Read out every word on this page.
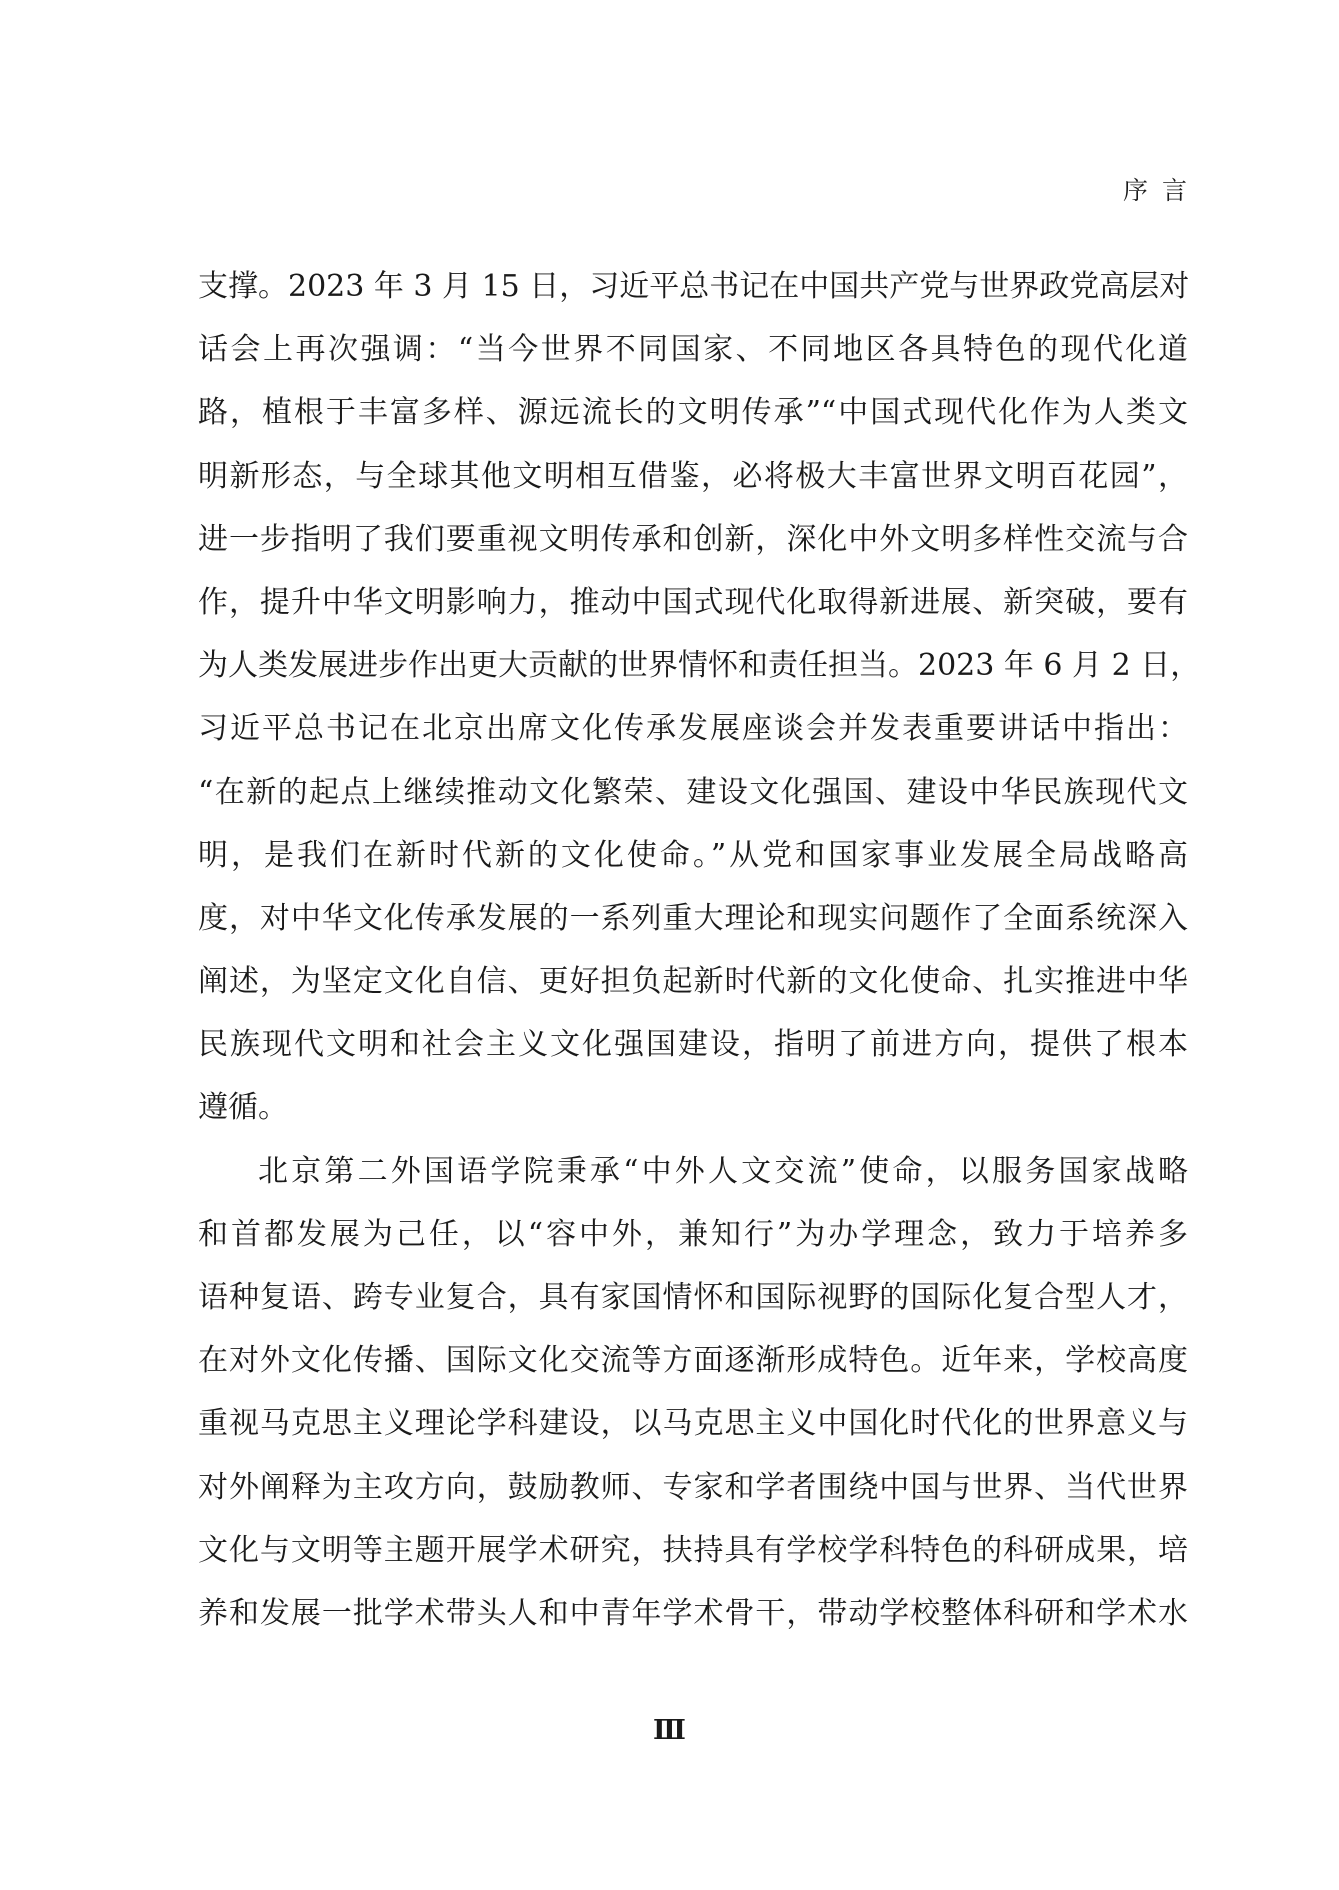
序言
支撑。2023 年 3 月 15 日，习近平总书记在中国共产党与世界政党高层对
话会上再次强调：“当今世界不同国家、不同地区各具特色的现代化道
路，植根于丰富多样、源远流长的文明传承”“中国式现代化作为人类文
明新形态，与全球其他文明相互借鉴，必将极大丰富世界文明百花园”，
进一步指明了我们要重视文明传承和创新，深化中外文明多样性交流与合
作，提升中华文明影响力，推动中国式现代化取得新进展、新突破，要有
为人类发展进步作出更大贡献的世界情怀和责任担当。2023 年 6 月 2 日，
习近平总书记在北京出席文化传承发展座谈会并发表重要讲话中指出：
“在新的起点上继续推动文化繁荣、建设文化强国、建设中华民族现代文
明，是我们在新时代新的文化使命。”从党和国家事业发展全局战略高
度，对中华文化传承发展的一系列重大理论和现实问题作了全面系统深入
阐述，为坚定文化自信、更好担负起新时代新的文化使命、扎实推进中华
民族现代文明和社会主义文化强国建设，指明了前进方向，提供了根本
遵循。
北京第二外国语学院秉承“中外人文交流”使命，以服务国家战略
和首都发展为己任，以“容中外，兼知行”为办学理念，致力于培养多
语种复语、跨专业复合，具有家国情怀和国际视野的国际化复合型人才，
在对外文化传播、国际文化交流等方面逐渐形成特色。近年来，学校高度
重视马克思主义理论学科建设，以马克思主义中国化时代化的世界意义与
对外阐释为主攻方向，鼓励教师、专家和学者围绕中国与世界、当代世界
文化与文明等主题开展学术研究，扶持具有学校学科特色的科研成果，培
养和发展一批学术带头人和中青年学术骨干，带动学校整体科研和学术水
Ⅲ
